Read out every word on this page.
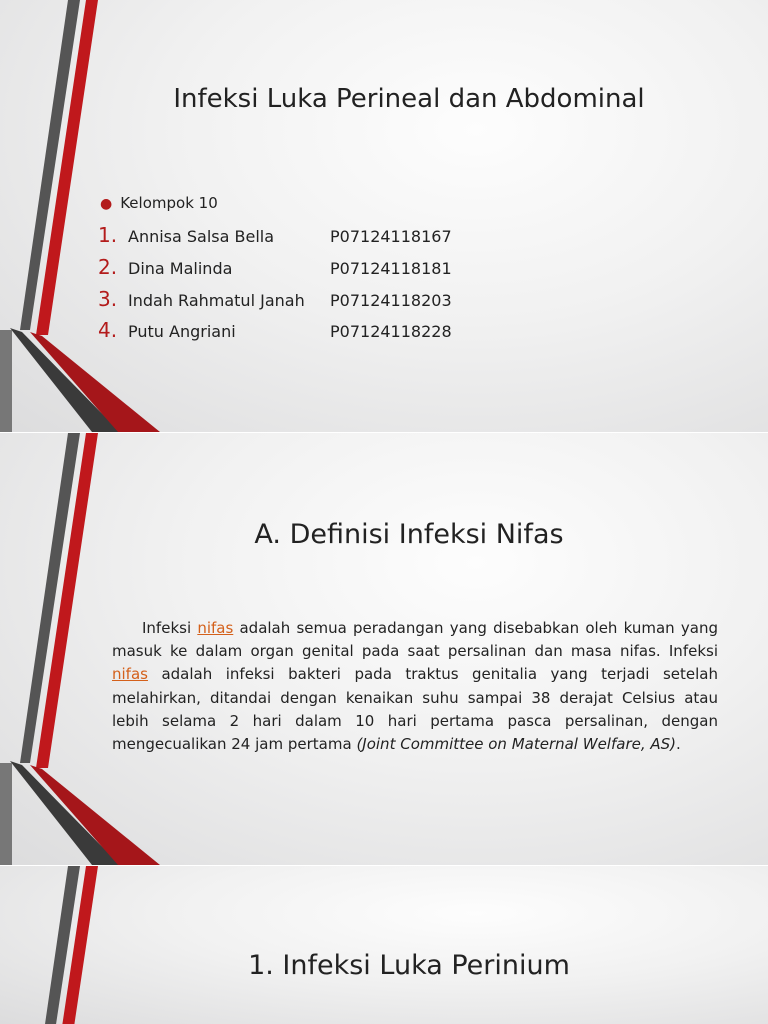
Infeksi Luka Perineal dan Abdominal
● Kelompok 10
1. Annisa Salsa Bella	P07124118167
2. Dina Malinda	P07124118181
3. Indah Rahmatul Janah P07124118203
4. Putu Angriani	P07124118228
A. Definisi Infeksi Nifas
Infeksi nifas adalah semua peradangan yang disebabkan oleh kuman yang masuk ke dalam organ genital pada saat persalinan dan masa nifas. Infeksi nifas adalah infeksi bakteri pada traktus genitalia yang terjadi setelah melahirkan, ditandai dengan kenaikan suhu sampai 38 derajat Celsius atau lebih selama 2 hari dalam 10 hari pertama pasca persalinan, dengan mengecualikan 24 jam pertama (Joint Committee on Maternal Welfare, AS).
1. Infeksi Luka Perinium
